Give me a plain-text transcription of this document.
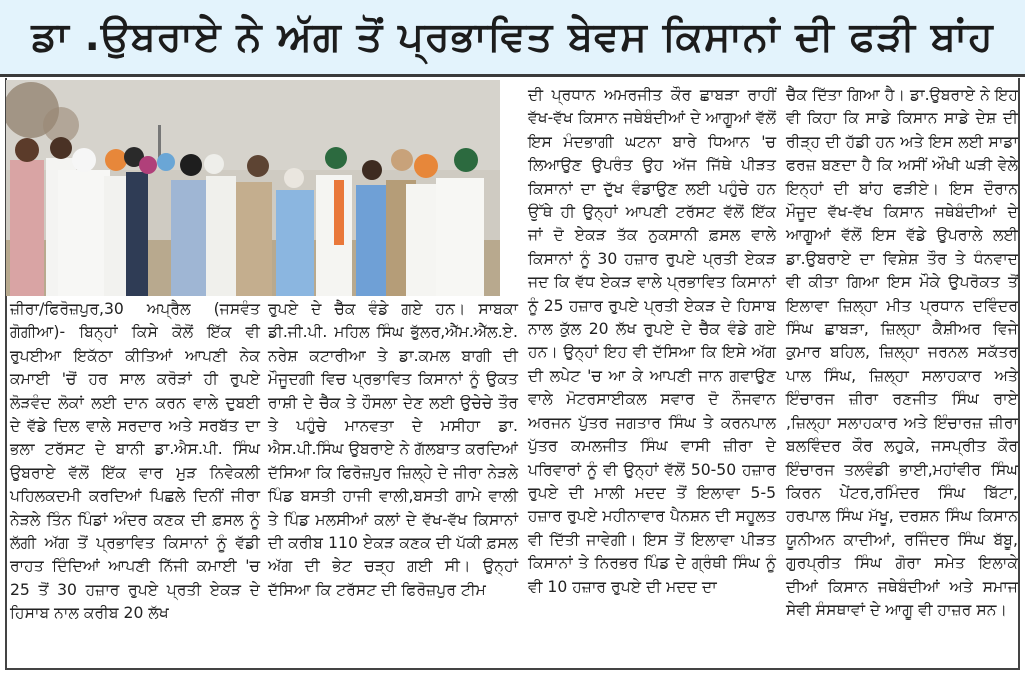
ਡਾ .ਉਬਰਾਏ ਨੇ ਅੱਗ ਤੋਂ ਪ੍ਰਭਾਵਿਤ ਬੇਵਸ ਕਿਸਾਨਾਂ ਦੀ ਫੜੀ ਬਾਂਹ

ਜ਼ੀਰਾ/ਫਿਰੋਜ਼ਪੁਰ,30 ਅਪ੍ਰੈਲ (ਜਸਵੰਤ ਗੋਗੀਆ)- ਬਿਨ੍ਹਾਂ ਕਿਸੇ ਕੋਲੋਂ ਇੱਕ ਵੀ ਰੁਪਈਆ ਇਕੱਠਾ ਕੀਤਿਆਂ ਆਪਣੀ ਨੇਕ ਕਮਾਈ 'ਚੋਂ ਹਰ ਸਾਲ ਕਰੋੜਾਂ ਹੀ ਰੁਪਏ ਲੋੜਵੰਦ ਲੋਕਾਂ ਲਈ ਦਾਨ ਕਰਨ ਵਾਲੇ ਦੁਬਈ ਦੇ ਵੱਡੇ ਦਿਲ ਵਾਲੇ ਸਰਦਾਰ ਅਤੇ ਸਰਬੱਤ ਦਾ ਭਲਾ ਟਰੱਸਟ ਦੇ ਬਾਨੀ ਡਾ.ਐਸ.ਪੀ. ਸਿੰਘ ਉਬਰਾਏ ਵੱਲੋਂ ਇੱਕ ਵਾਰ ਮੁੜ ਨਿਵੇਕਲੀ ਪਹਿਲਕਦਮੀ ਕਰਦਿਆਂ ਪਿਛਲੇ ਦਿਨੀਂ ਜੀਰਾ ਨੇੜਲੇ ਤਿੰਨ ਪਿੰਡਾਂ ਅੰਦਰ ਕਣਕ ਦੀ ਫ਼ਸਲ ਨੂੰ ਲੱਗੀ ਅੱਗ ਤੋਂ ਪ੍ਰਭਾਵਿਤ ਕਿਸਾਨਾਂ ਨੂੰ ਵੱਡੀ ਰਾਹਤ ਦਿੰਦਿਆਂ ਆਪਣੀ ਨਿੱਜੀ ਕਮਾਈ 'ਚ 25 ਤੋਂ 30 ਹਜ਼ਾਰ ਰੁਪਏ ਪ੍ਰਤੀ ਏਕੜ ਦੇ ਹਿਸਾਬ ਨਾਲ ਕਰੀਬ 20 ਲੱਖ

ਰੁਪਏ ਦੇ ਚੈੱਕ ਵੰਡੇ ਗਏ ਹਨ। ਸਾਬਕਾ ਡੀ.ਜੀ.ਪੀ. ਮਹਿਲ ਸਿੰਘ ਭੁੱਲਰ,ਐੱਮ.ਐੱਲ.ਏ. ਨਰੇਸ਼ ਕਟਾਰੀਆ ਤੇ ਡਾ.ਕਮਲ ਬਾਗੀ ਦੀ ਮੌਜੂਦਗੀ ਵਿਚ ਪ੍ਰਭਾਵਿਤ ਕਿਸਾਨਾਂ ਨੂੰ ਉਕਤ ਰਾਸ਼ੀ ਦੇ ਚੈੱਕ ਤੇ ਹੌਸਲਾ ਦੇਣ ਲਈ ਉਚੇਚੇ ਤੌਰ ਤੇ ਪਹੁੰਚੇ ਮਾਨਵਤਾ ਦੇ ਮਸੀਹਾ ਡਾ. ਐਸ.ਪੀ.ਸਿੰਘ ਉਬਰਾਏ ਨੇ ਗੱਲਬਾਤ ਕਰਦਿਆਂ ਦੱਸਿਆ ਕਿ ਫਿਰੋਜ਼ਪੁਰ ਜ਼ਿਲ੍ਹੇ ਦੇ ਜੀਰਾ ਨੇੜਲੇ ਪਿੰਡ ਬਸਤੀ ਹਾਜੀ ਵਾਲੀ,ਬਸਤੀ ਗਾਮੇ ਵਾਲੀ ਤੇ ਪਿੰਡ ਮਲਸੀਆਂ ਕਲਾਂ ਦੇ ਵੱਖ-ਵੱਖ ਕਿਸਾਨਾਂ ਦੀ ਕਰੀਬ 110 ਏਕੜ ਕਣਕ ਦੀ ਪੱਕੀ ਫ਼ਸਲ ਅੱਗ ਦੀ ਭੇਟ ਚੜ੍ਹ ਗਈ ਸੀ। ਉਨ੍ਹਾਂ ਦੱਸਿਆ ਕਿ ਟਰੱਸਟ ਦੀ ਫਿਰੋਜ਼ਪੁਰ ਟੀਮ

ਦੀ ਪ੍ਰਧਾਨ ਅਮਰਜੀਤ ਕੌਰ ਛਾਬੜਾ ਰਾਹੀਂ ਵੱਖ-ਵੱਖ ਕਿਸਾਨ ਜਥੇਬੰਦੀਆਂ ਦੇ ਆਗੂਆਂ ਵੱਲੋਂ ਇਸ ਮੰਦਭਾਗੀ ਘਟਨਾ ਬਾਰੇ ਧਿਆਨ 'ਚ ਲਿਆਉਣ ਉਪਰੰਤ ਉਹ ਅੱਜ ਜਿੱਥੇ ਪੀੜਤ ਕਿਸਾਨਾਂ ਦਾ ਦੁੱਖ ਵੰਡਾਉਣ ਲਈ ਪਹੁੰਚੇ ਹਨ ਉੱਥੇ ਹੀ ਉਨ੍ਹਾਂ ਆਪਣੀ ਟਰੱਸਟ ਵੱਲੋਂ ਇੱਕ ਜਾਂ ਦੋ ਏਕੜ ਤੱਕ ਨੁਕਸਾਨੀ ਫ਼ਸਲ ਵਾਲੇ ਕਿਸਾਨਾਂ ਨੂੰ 30 ਹਜ਼ਾਰ ਰੁਪਏ ਪ੍ਰਤੀ ਏਕੜ ਜਦ ਕਿ ਵੱਧ ਏਕੜ ਵਾਲੇ ਪ੍ਰਭਾਵਿਤ ਕਿਸਾਨਾਂ ਨੂੰ 25 ਹਜ਼ਾਰ ਰੁਪਏ ਪ੍ਰਤੀ ਏਕੜ ਦੇ ਹਿਸਾਬ ਨਾਲ ਕੁੱਲ 20 ਲੱਖ ਰੁਪਏ ਦੇ ਚੈੱਕ ਵੰਡੇ ਗਏ ਹਨ। ਉਨ੍ਹਾਂ ਇਹ ਵੀ ਦੱਸਿਆ ਕਿ ਇਸੇ ਅੱਗ ਦੀ ਲਪੇਟ 'ਚ ਆ ਕੇ ਆਪਣੀ ਜਾਨ ਗਵਾਉਣ ਵਾਲੇ ਮੋਟਰਸਾਈਕਲ ਸਵਾਰ ਦੋ ਨੌਜਵਾਨ ਅਰਜਨ ਪੁੱਤਰ ਜਗਤਾਰ ਸਿੰਘ ਤੇ ਕਰਨਪਾਲ ਪੁੱਤਰ ਕਮਲਜੀਤ ਸਿੰਘ ਵਾਸੀ ਜ਼ੀਰਾ ਦੇ ਪਰਿਵਾਰਾਂ ਨੂੰ ਵੀ ਉਨ੍ਹਾਂ ਵੱਲੋਂ 50-50 ਹਜ਼ਾਰ ਰੁਪਏ ਦੀ ਮਾਲੀ ਮਦਦ ਤੋਂ ਇਲਾਵਾ 5-5 ਹਜ਼ਾਰ ਰੁਪਏ ਮਹੀਨਾਵਾਰ ਪੈਨਸ਼ਨ ਦੀ ਸਹੂਲਤ ਵੀ ਦਿੱਤੀ ਜਾਵੇਗੀ। ਇਸ ਤੋਂ ਇਲਾਵਾ ਪੀੜਤ ਕਿਸਾਨਾਂ ਤੇ ਨਿਰਭਰ ਪਿੰਡ ਦੇ ਗ੍ਰੰਥੀ ਸਿੰਘ ਨੂੰ ਵੀ 10 ਹਜ਼ਾਰ ਰੁਪਏ ਦੀ ਮਦਦ ਦਾ

ਚੈੱਕ ਦਿੱਤਾ ਗਿਆ ਹੈ। ਡਾ.ਉਬਰਾਏ ਨੇ ਇਹ ਵੀ ਕਿਹਾ ਕਿ ਸਾਡੇ ਕਿਸਾਨ ਸਾਡੇ ਦੇਸ਼ ਦੀ ਰੀੜ੍ਹ ਦੀ ਹੱਡੀ ਹਨ ਅਤੇ ਇਸ ਲਈ ਸਾਡਾ ਫਰਜ਼ ਬਣਦਾ ਹੈ ਕਿ ਅਸੀਂ ਔਖੀ ਘੜੀ ਵੇਲੇ ਇਨ੍ਹਾਂ ਦੀ ਬਾਂਹ ਫੜੀਏ। ਇਸ ਦੌਰਾਨ ਮੌਜੂਦ ਵੱਖ-ਵੱਖ ਕਿਸਾਨ ਜਥੇਬੰਦੀਆਂ ਦੇ ਆਗੂਆਂ ਵੱਲੋਂ ਇਸ ਵੱਡੇ ਉਪਰਾਲੇ ਲਈ ਡਾ.ਉਬਰਾਏ ਦਾ ਵਿਸ਼ੇਸ਼ ਤੌਰ ਤੇ ਧੰਨਵਾਦ ਵੀ ਕੀਤਾ ਗਿਆ ਇਸ ਮੌਕੇ ਉਪਰੋਕਤ ਤੋਂ ਇਲਾਵਾ ਜ਼ਿਲ੍ਹਾ ਮੀਤ ਪ੍ਰਧਾਨ ਦਵਿੰਦਰ ਸਿੰਘ ਛਾਬੜਾ, ਜ਼ਿਲ੍ਹਾ ਕੈਸ਼ੀਅਰ ਵਿਜੇ ਕੁਮਾਰ ਬਹਿਲ, ਜ਼ਿਲ੍ਹਾ ਜਰਨਲ ਸਕੱਤਰ ਪਾਲ ਸਿੰਘ, ਜ਼ਿਲ੍ਹਾ ਸਲਾਹਕਾਰ ਅਤੇ ਇੰਚਾਰਜ ਜ਼ੀਰਾ ਰਣਜੀਤ ਸਿੰਘ ਰਾਏ ,ਜ਼ਿਲ੍ਹਾ ਸਲਾਹਕਾਰ ਅਤੇ ਇੰਚਾਰਜ਼ ਜ਼ੀਰਾ ਬਲਵਿੰਦਰ ਕੌਰ ਲਹੁਕੇ, ਜਸਪ੍ਰੀਤ ਕੌਰ ਇੰਚਾਰਜ ਤਲਵੰਡੀ ਭਾਈ,ਮਹਾਂਵੀਰ ਸਿੰਘ ਕਿਰਨ ਪੇਂਟਰ,ਰਮਿੰਦਰ ਸਿੰਘ ਬਿੱਟਾ, ਹਰਪਾਲ ਸਿੰਘ ਮੱਖੂ, ਦਰਸ਼ਨ ਸਿੰਘ ਕਿਸਾਨ ਯੂਨੀਅਨ ਕਾਦੀਆਂ, ਰਜਿੰਦਰ ਸਿੰਘ ਬੱਬੂ, ਗੁਰਪ੍ਰੀਤ ਸਿੰਘ ਗੋਰਾ ਸਮੇਤ ਇਲਾਕੇ ਦੀਆਂ ਕਿਸਾਨ ਜਥੇਬੰਦੀਆਂ ਅਤੇ ਸਮਾਜ ਸੇਵੀ ਸੰਸਥਾਵਾਂ ਦੇ ਆਗੂ ਵੀ ਹਾਜ਼ਰ ਸਨ।
